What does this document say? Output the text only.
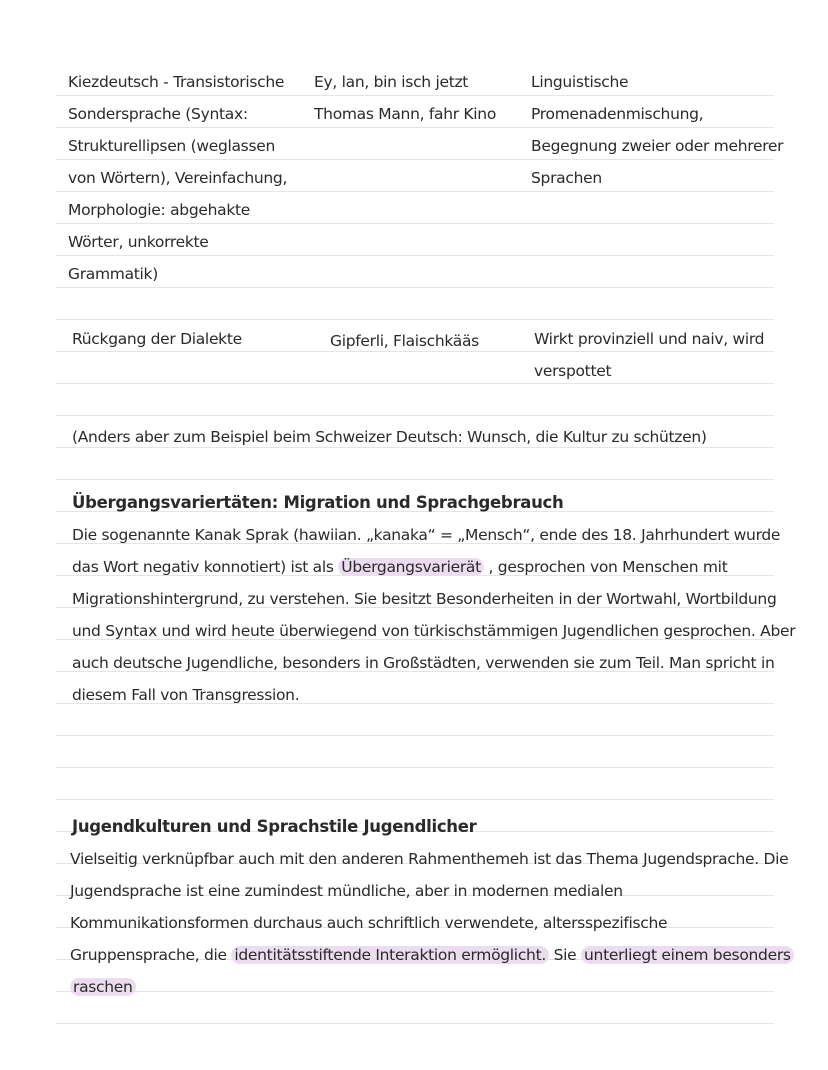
Kiezdeutsch - Transistorische
Sondersprache (Syntax:
Strukturellipsen (weglassen
von Wörtern), Vereinfachung,
Morphologie: abgehakte
Wörter, unkorrekte
Grammatik)
Ey, lan, bin isch jetzt
Thomas Mann, fahr Kino
Linguistische
Promenadenmischung,
Begegnung zweier oder mehrerer
Sprachen
Rückgang der Dialekte	Gipferli, Flaischkääs	Wirkt provinziell und naiv, wird
verspottet
(Anders aber zum Beispiel beim Schweizer Deutsch: Wunsch, die Kultur zu schützen)
Übergangsvariertäten: Migration und Sprachgebrauch
Die sogenannte Kanak Sprak (hawiian. „kanaka“ = „Mensch“, ende des 18. Jahrhundert wurde
das Wort negativ konnotiert) ist als Übergangsvarierät , gesprochen von Menschen mit
Migrationshintergrund, zu verstehen. Sie besitzt Besonderheiten in der Wortwahl, Wortbildung
und Syntax und wird heute überwiegend von türkischstämmigen Jugendlichen gesprochen. Aber
auch deutsche Jugendliche, besonders in Großstädten, verwenden sie zum Teil. Man spricht in
diesem Fall von Transgression.
Jugendkulturen und Sprachstile Jugendlicher
Vielseitig verknüpfbar auch mit den anderen Rahmenthemeh ist das Thema Jugendsprache. Die
Jugendsprache ist eine zumindest mündliche, aber in modernen medialen
Kommunikationsformen durchaus auch schriftlich verwendete, altersspezifische
Gruppensprache, die identitätsstiftende Interaktion ermöglicht. Sie unterliegt einem besonders
raschen
